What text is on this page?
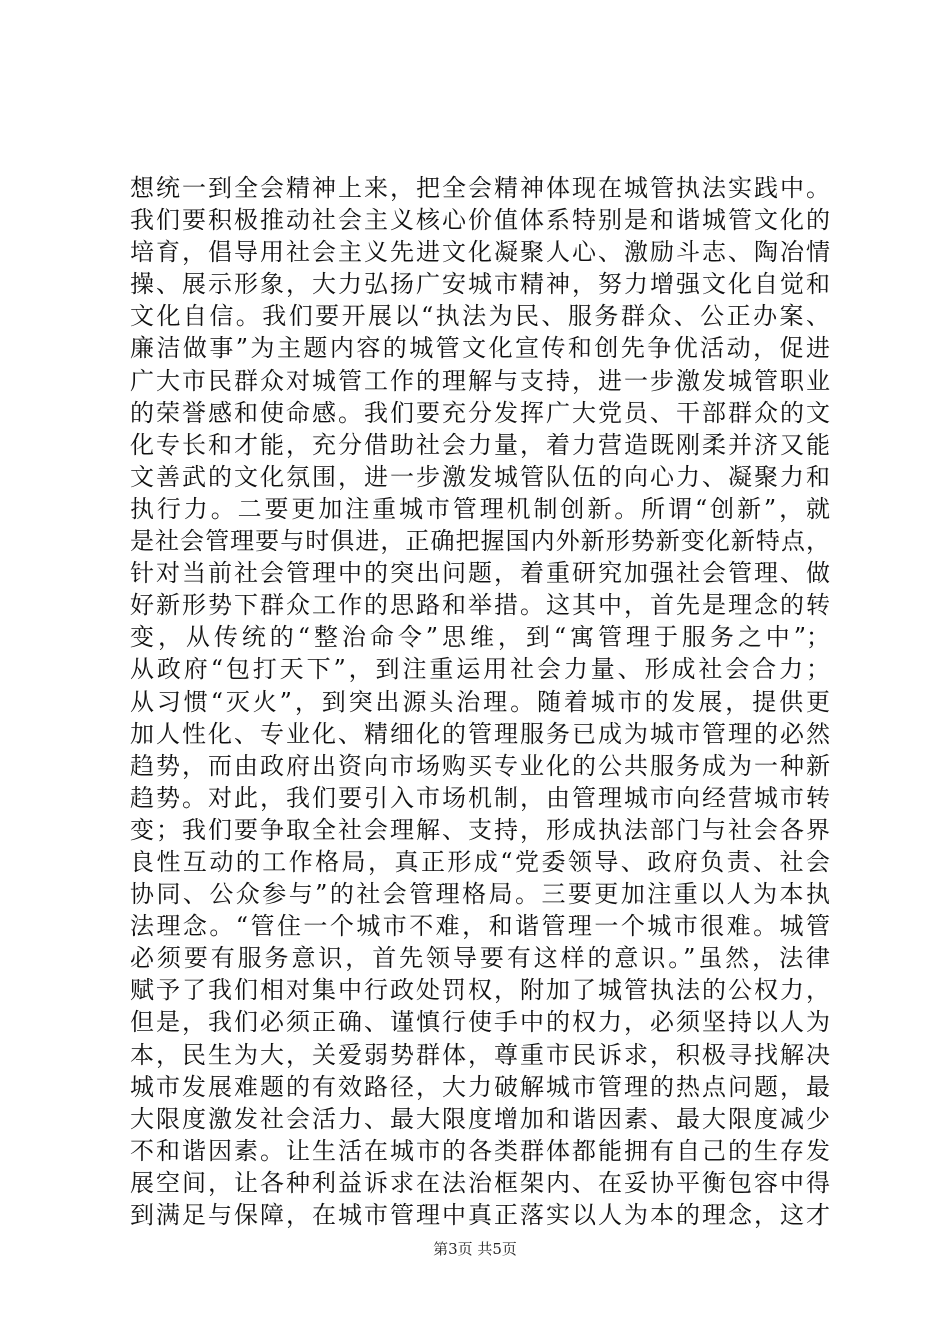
想统一到全会精神上来，把全会精神体现在城管执法实践中。
我们要积极推动社会主义核心价值体系特别是和谐城管文化的
培育，倡导用社会主义先进文化凝聚人心、激励斗志、陶冶情
操、展示形象，大力弘扬广安城市精神，努力增强文化自觉和
文化自信。我们要开展以“执法为民、服务群众、公正办案、
廉洁做事”为主题内容的城管文化宣传和创先争优活动，促进
广大市民群众对城管工作的理解与支持，进一步激发城管职业
的荣誉感和使命感。我们要充分发挥广大党员、干部群众的文
化专长和才能，充分借助社会力量，着力营造既刚柔并济又能
文善武的文化氛围，进一步激发城管队伍的向心力、凝聚力和
执行力。二要更加注重城市管理机制创新。所谓“创新”，就
是社会管理要与时俱进，正确把握国内外新形势新变化新特点，
针对当前社会管理中的突出问题，着重研究加强社会管理、做
好新形势下群众工作的思路和举措。这其中，首先是理念的转
变，从传统的“整治命令”思维，到“寓管理于服务之中”；
从政府“包打天下”，到注重运用社会力量、形成社会合力；
从习惯“灭火”，到突出源头治理。随着城市的发展，提供更
加人性化、专业化、精细化的管理服务已成为城市管理的必然
趋势，而由政府出资向市场购买专业化的公共服务成为一种新
趋势。对此，我们要引入市场机制，由管理城市向经营城市转
变；我们要争取全社会理解、支持，形成执法部门与社会各界
良性互动的工作格局，真正形成“党委领导、政府负责、社会
协同、公众参与”的社会管理格局。三要更加注重以人为本执
法理念。“管住一个城市不难，和谐管理一个城市很难。城管
必须要有服务意识，首先领导要有这样的意识。”虽然，法律
赋予了我们相对集中行政处罚权，附加了城管执法的公权力，
但是，我们必须正确、谨慎行使手中的权力，必须坚持以人为
本，民生为大，关爱弱势群体，尊重市民诉求，积极寻找解决
城市发展难题的有效路径，大力破解城市管理的热点问题，最
大限度激发社会活力、最大限度增加和谐因素、最大限度减少
不和谐因素。让生活在城市的各类群体都能拥有自己的生存发
展空间，让各种利益诉求在法治框架内、在妥协平衡包容中得
到满足与保障，在城市管理中真正落实以人为本的理念，这才
第3页 共5页
